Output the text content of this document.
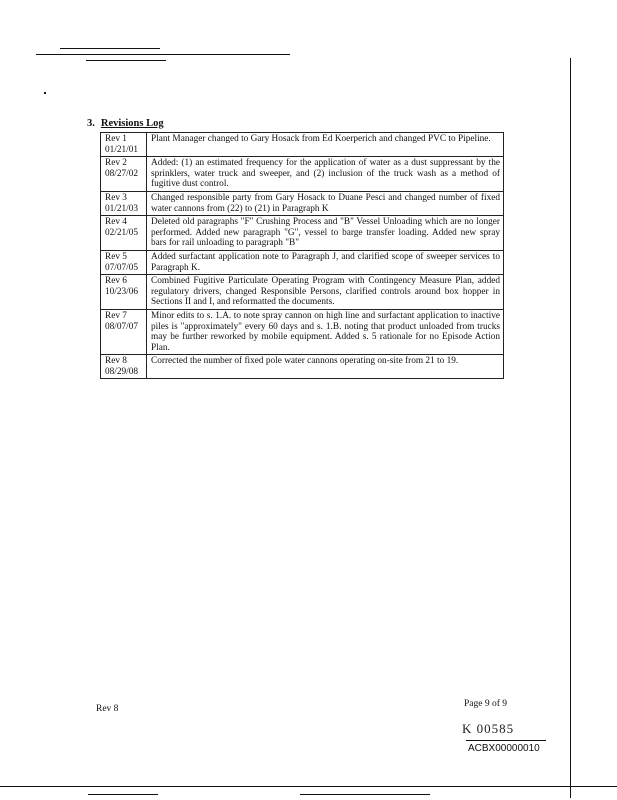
3. Revisions Log
Rev 1
01/21/01	Plant Manager changed to Gary Hosack from Ed Koerperich and changed PVC to Pipeline.

Rev 2
08/27/02	Added: (1) an estimated frequency for the application of water as a dust suppressant by the sprinklers, water truck and sweeper, and (2) inclusion of the truck wash as a method of fugitive dust control.

Rev 3
01/21/03	Changed responsible party from Gary Hosack to Duane Pesci and changed number of fixed water cannons from (22) to (21) in Paragraph K

Rev 4
02/21/05	Deleted old paragraphs "F" Crushing Process and "B" Vessel Unloading which are no longer performed. Added new paragraph "G", vessel to barge transfer loading. Added new spray bars for rail unloading to paragraph "B"

Rev 5
07/07/05	Added surfactant application note to Paragraph J, and clarified scope of sweeper services to Paragraph K.

Rev 6
10/23/06	Combined Fugitive Particulate Operating Program with Contingency Measure Plan, added regulatory drivers, changed Responsible Persons, clarified controls around box hopper in Sections II and I, and reformatted the documents.

Rev 7
08/07/07	Minor edits to s. 1.A. to note spray cannon on high line and surfactant application to inactive piles is "approximately" every 60 days and s. 1.B. noting that product unloaded from trucks may be further reworked by mobile equipment. Added s. 5 rationale for no Episode Action Plan.

Rev 8
08/29/08	Corrected the number of fixed pole water cannons operating on-site from 21 to 19.
Rev 8	Page 9 of 9
K 00585
ACBX00000010
